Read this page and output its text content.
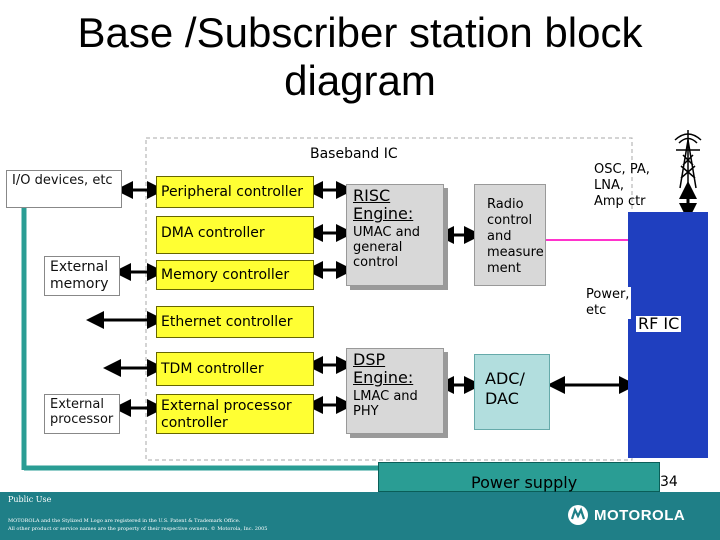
Base /Subscriber station block
diagram
Baseband IC
I/O devices, etc
External memory
External processor
Peripheral controller
DMA controller
Memory controller
Ethernet controller
TDM controller
External processor controller
RISC Engine:
UMAC and general control
DSP Engine:
LMAC and PHY
Radio control and measure ment
ADC/ DAC
OSC, PA, LNA, Amp ctr
Power, etc
RF IC
Power supply
Public Use
MOTOROLA and the Stylized M Logo are registered in the U.S. Patent & Trademark Office.
All other product or service names are the property of their respective owners. © Motorola, Inc. 2005
34
MOTOROLA
